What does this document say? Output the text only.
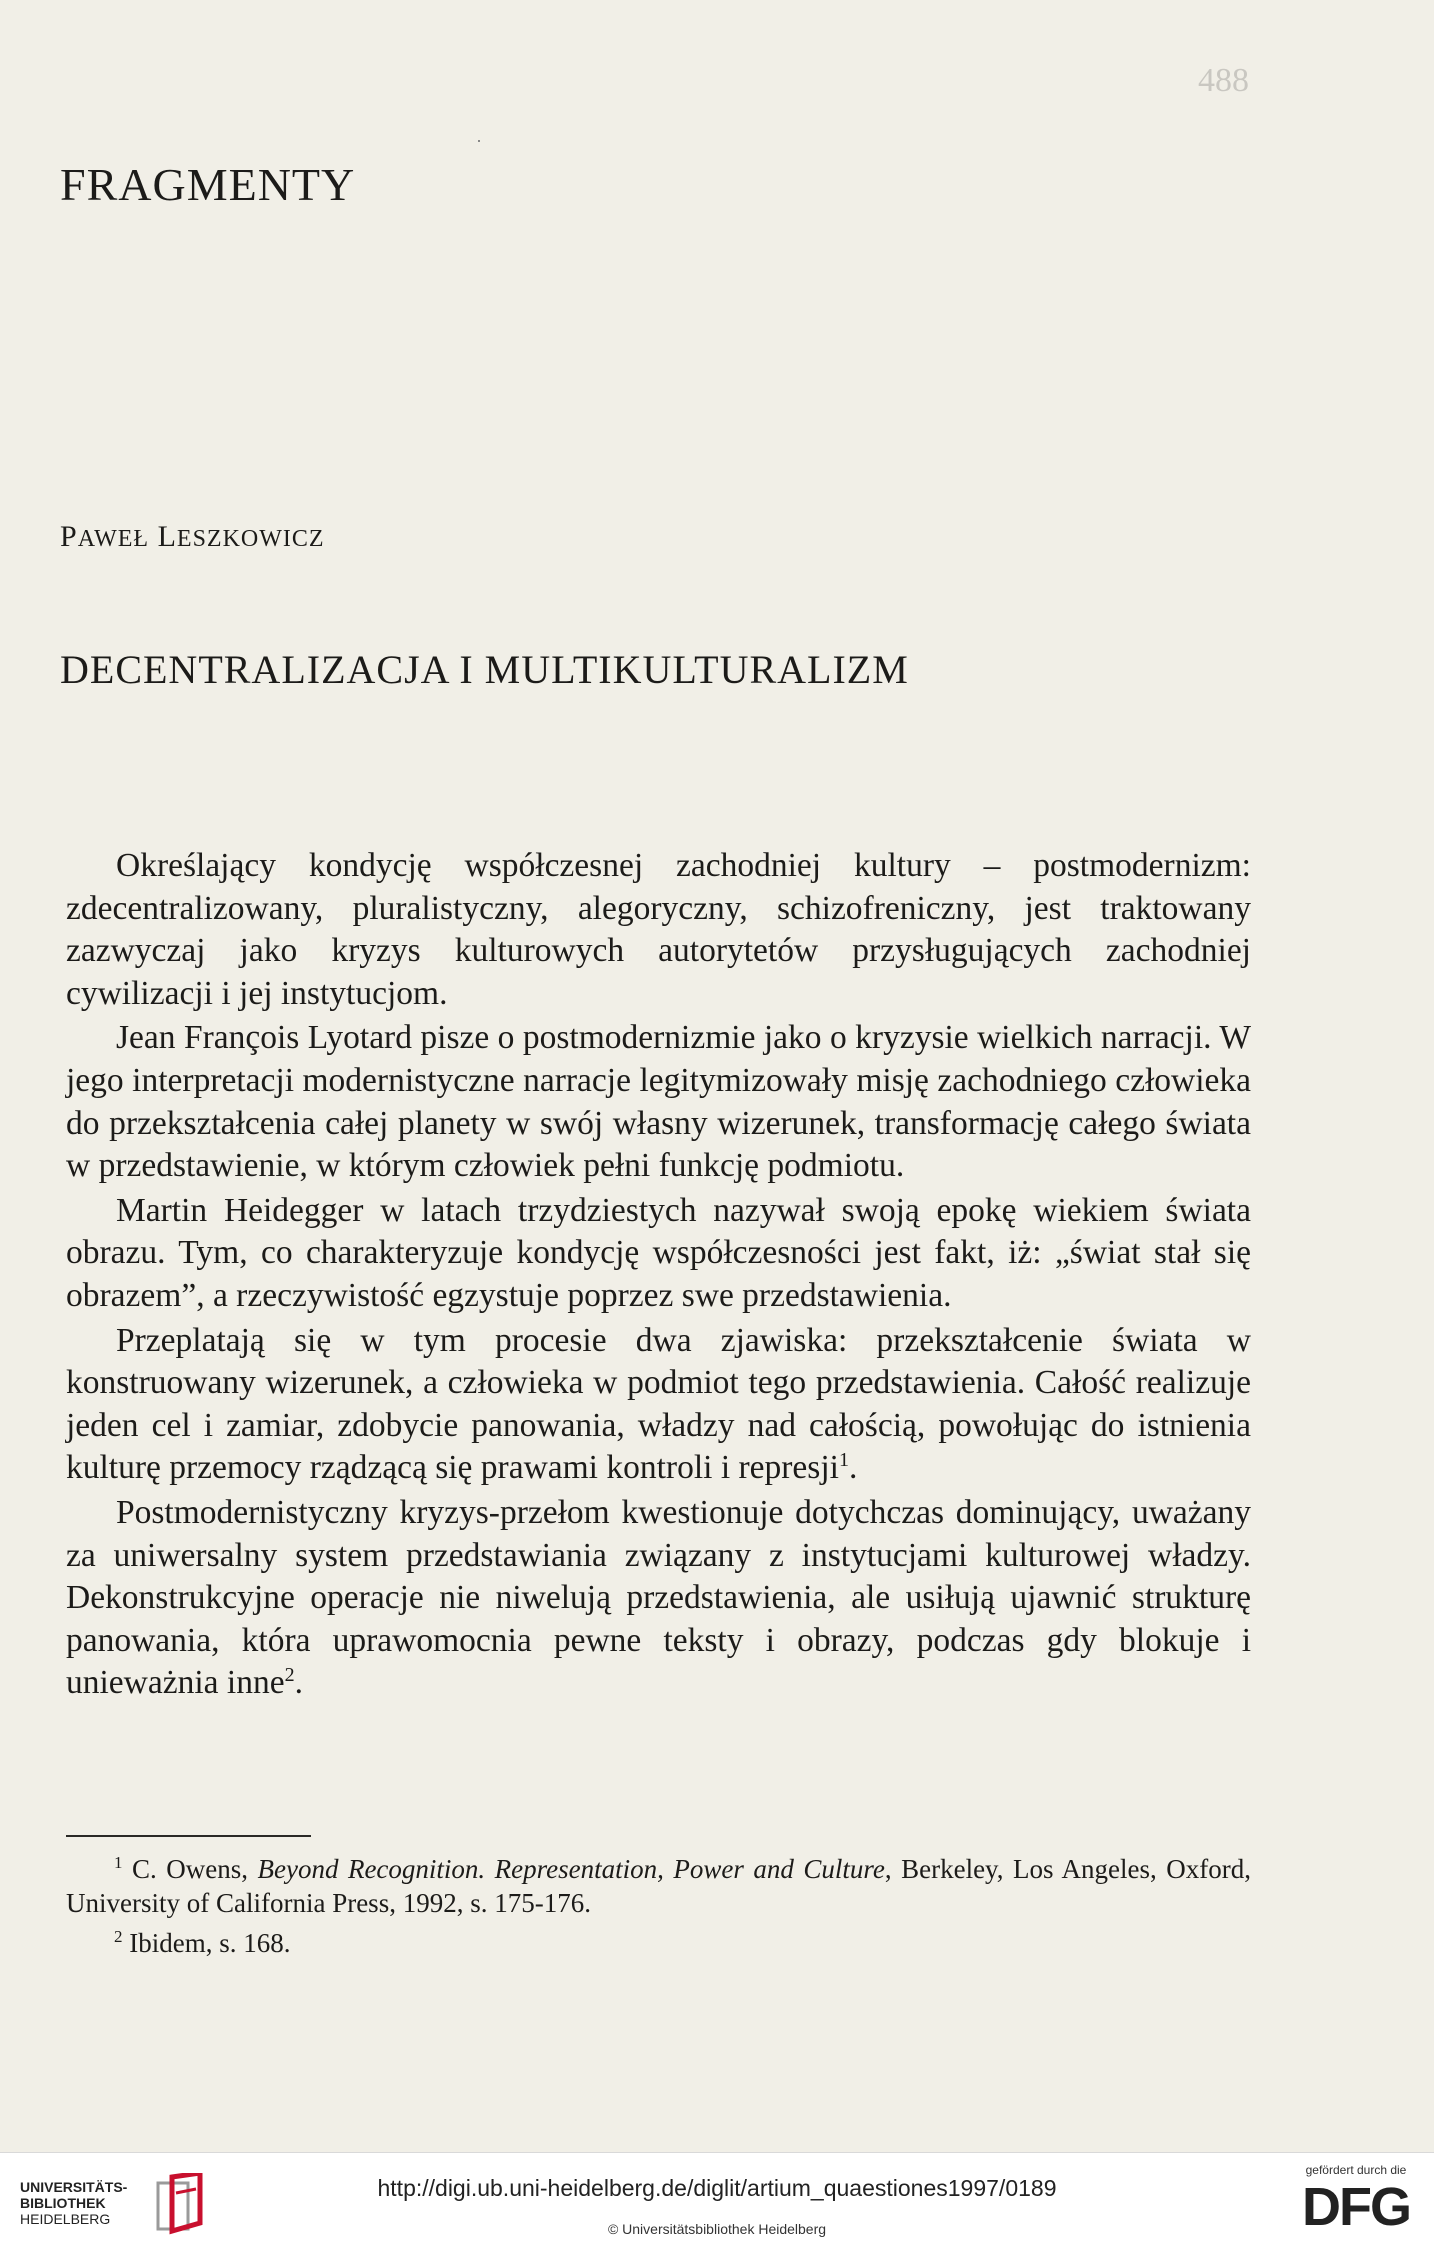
488
FRAGMENTY
PAWEŁ LESZKOWICZ
DECENTRALIZACJA I MULTIKULTURALIZM

Określający kondycję współczesnej zachodniej kultury – postmodernizm: zdecentralizowany, pluralistyczny, alegoryczny, schizofreniczny, jest traktowany zazwyczaj jako kryzys kulturowych autorytetów przysługujących zachodniej cywilizacji i jej instytucjom.

Jean François Lyotard pisze o postmodernizmie jako o kryzysie wielkich narracji. W jego interpretacji modernistyczne narracje legitymizowały misję zachodniego człowieka do przekształcenia całej planety w swój własny wizerunek, transformację całego świata w przedstawienie, w którym człowiek pełni funkcję podmiotu.

Martin Heidegger w latach trzydziestych nazywał swoją epokę wiekiem świata obrazu. Tym, co charakteryzuje kondycję współczesności jest fakt, iż: „świat stał się obrazem”, a rzeczywistość egzystuje poprzez swe przedstawienia.

Przeplatają się w tym procesie dwa zjawiska: przekształcenie świata w konstruowany wizerunek, a człowieka w podmiot tego przedstawienia. Całość realizuje jeden cel i zamiar, zdobycie panowania, władzy nad całością, powołując do istnienia kulturę przemocy rządzącą się prawami kontroli i represji$^1$.

Postmodernistyczny kryzys-przełom kwestionuje dotychczas dominujący, uważany za uniwersalny system przedstawiania związany z instytucjami kulturowej władzy. Dekonstrukcyjne operacje nie niwelują przedstawienia, ale usiłują ujawnić strukturę panowania, która uprawomocnia pewne teksty i obrazy, podczas gdy blokuje i unieważnia inne$^2$.

$^1$ C. Owens, Beyond Recognition. Representation, Power and Culture, Berkeley, Los Angeles, Oxford, University of California Press, 1992, s. 175-176.

$^2$ Ibidem, s. 168.

UNIVERSITÄTS-
BIBLIOTHEK
HEIDELBERG
http://digi.ub.uni-heidelberg.de/diglit/artium_quaestiones1997/0189
© Universitätsbibliothek Heidelberg
gefördert durch die
DFG
